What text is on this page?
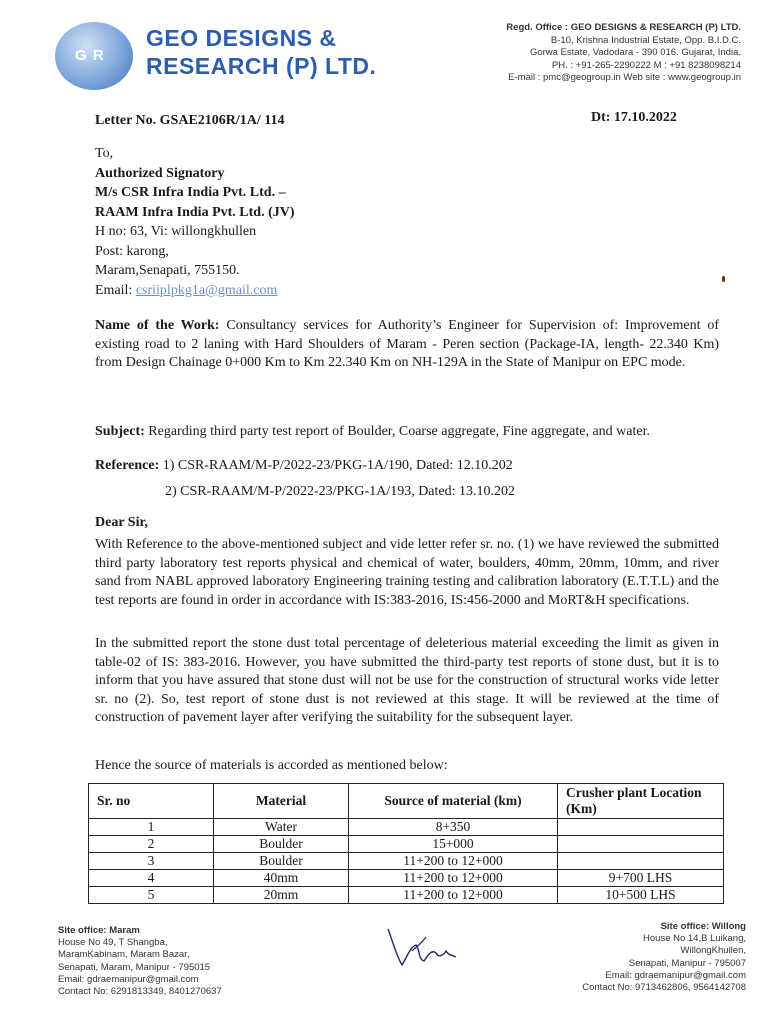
G R
GEO DESIGNS &
RESEARCH (P) LTD.
Regd. Office : GEO DESIGNS & RESEARCH (P) LTD.
B-10, Krishna Industrial Estate, Opp. B.I.D.C.
Gorwa Estate, Vadodara - 390 016. Gujarat, India.
PH. : +91-265-2290222 M : +91 8238098214
E-mail : pmc@geogroup.in Web site : www.geogroup.in
Letter No. GSAE2106R/1A/ 114	Dt: 17.10.2022
To,
Authorized Signatory
M/s CSR Infra India Pvt. Ltd. –
RAAM Infra India Pvt. Ltd. (JV)
H no: 63, Vi: willongkhullen
Post: karong,
Maram,Senapati, 755150.
Email: csriiplpkg1a@gmail.com
Name of the Work: Consultancy services for Authority’s Engineer for Supervision of: Improvement of existing road to 2 laning with Hard Shoulders of Maram - Peren section (Package-IA, length- 22.340 Km) from Design Chainage 0+000 Km to Km 22.340 Km on NH-129A in the State of Manipur on EPC mode.
Subject: Regarding third party test report of Boulder, Coarse aggregate, Fine aggregate, and water.
Reference: 1) CSR-RAAM/M-P/2022-23/PKG-1A/190, Dated: 12.10.202
2) CSR-RAAM/M-P/2022-23/PKG-1A/193, Dated: 13.10.202
Dear Sir,
With Reference to the above-mentioned subject and vide letter refer sr. no. (1) we have reviewed the submitted third party laboratory test reports physical and chemical of water, boulders, 40mm, 20mm, 10mm, and river sand from NABL approved laboratory Engineering training testing and calibration laboratory (E.T.T.L) and the test reports are found in order in accordance with IS:383-2016, IS:456-2000 and MoRT&H specifications.
In the submitted report the stone dust total percentage of deleterious material exceeding the limit as given in table-02 of IS: 383-2016. However, you have submitted the third-party test reports of stone dust, but it is to inform that you have assured that stone dust will not be use for the construction of structural works vide letter sr. no (2). So, test report of stone dust is not reviewed at this stage. It will be reviewed at the time of construction of pavement layer after verifying the suitability for the subsequent layer.
Hence the source of materials is accorded as mentioned below:
Sr. no	Material	Source of material (km)	Crusher plant Location (Km)
1	Water	8+350	
2	Boulder	15+000	
3	Boulder	11+200 to 12+000	
4	40mm	11+200 to 12+000	9+700 LHS
5	20mm	11+200 to 12+000	10+500 LHS
Site office: Maram
House No 49, T Shangba,
MaramKabinam, Maram Bazar,
Senapati, Maram, Manipur - 795015
Email: gdraemanipur@gmail.com
Contact No: 6291813349, 8401270637
Site office: Willong
House No 14,B Luikang,
WillongKhullen,
Senapati, Manipur - 795007
Email: gdraemanipur@gmail.com
Contact No: 9713462806, 9564142708
